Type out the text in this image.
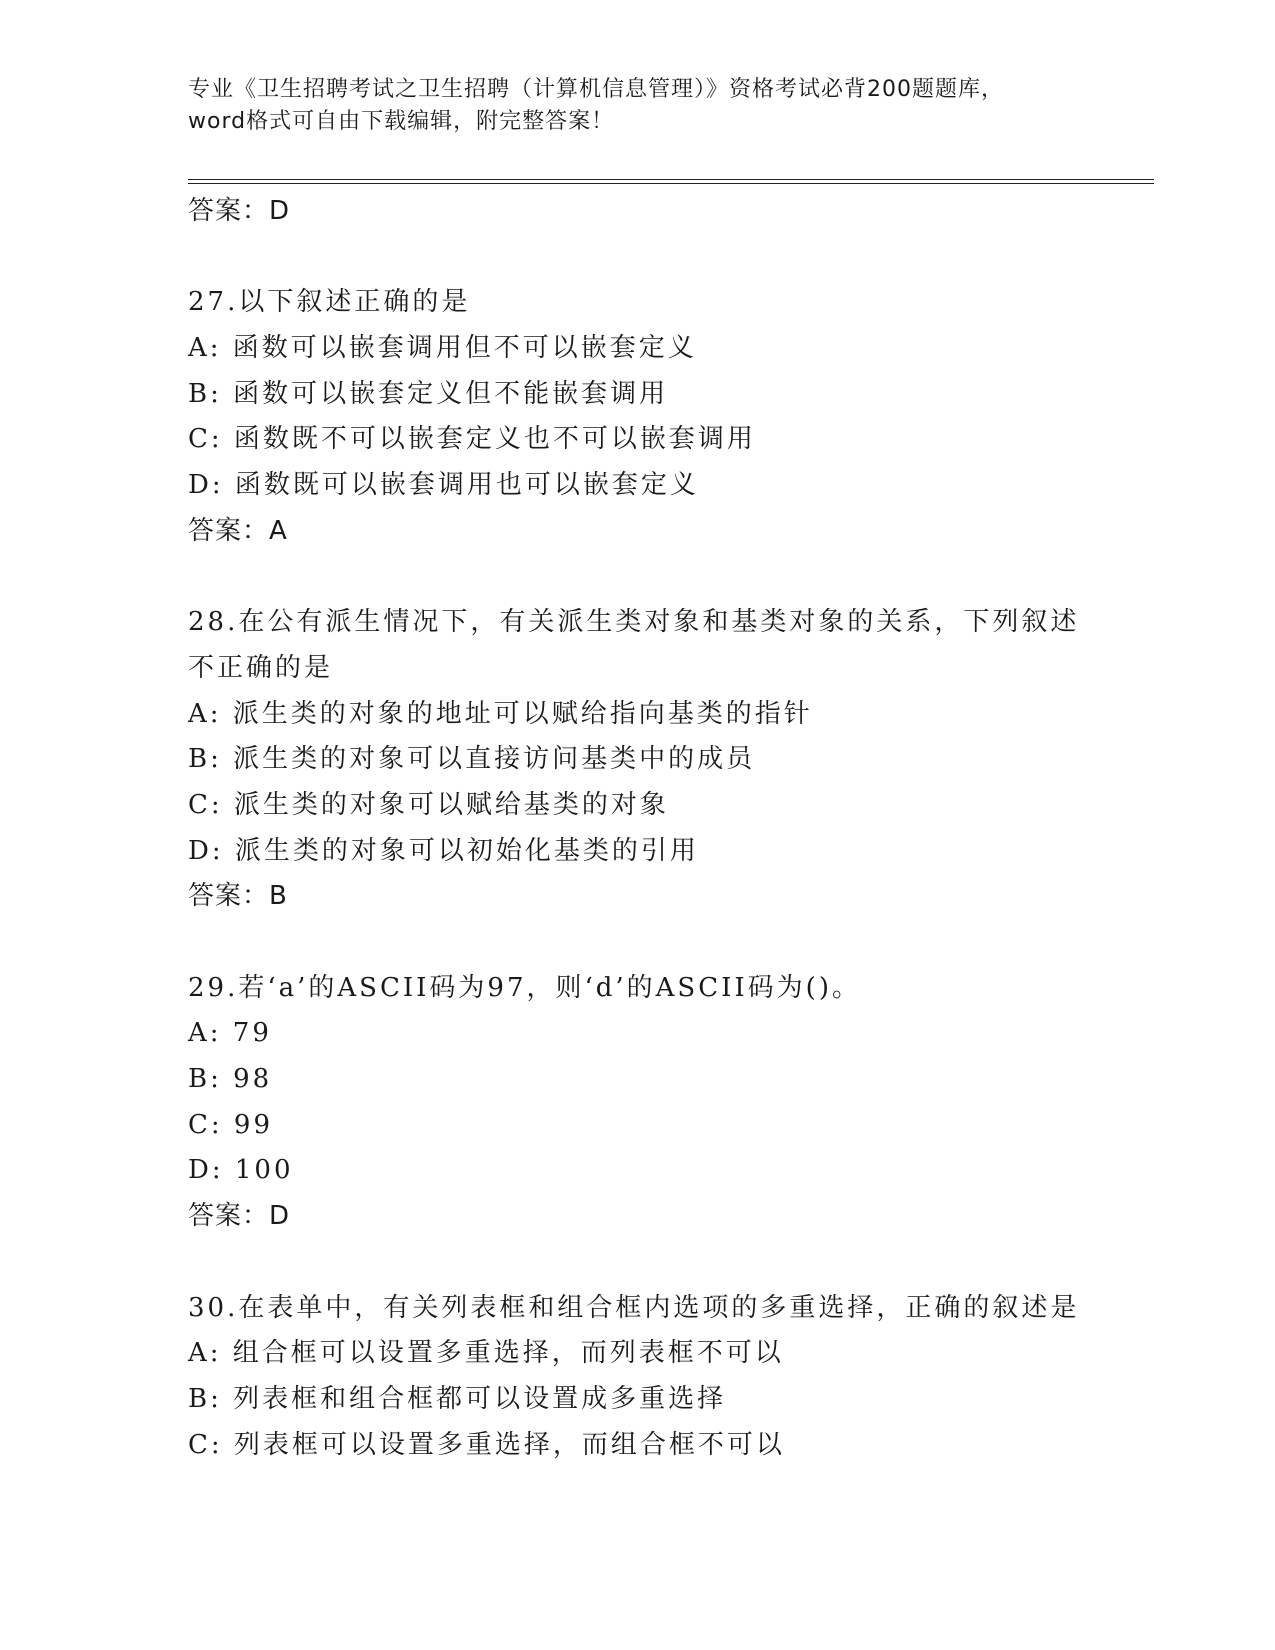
专业《卫生招聘考试之卫生招聘（计算机信息管理）》资格考试必背200题题库，
word格式可自由下载编辑，附完整答案！
答案：D
27.以下叙述正确的是
A: 函数可以嵌套调用但不可以嵌套定义
B: 函数可以嵌套定义但不能嵌套调用
C: 函数既不可以嵌套定义也不可以嵌套调用
D: 函数既可以嵌套调用也可以嵌套定义
答案：A
28.在公有派生情况下，有关派生类对象和基类对象的关系，下列叙述
不正确的是
A: 派生类的对象的地址可以赋给指向基类的指针
B: 派生类的对象可以直接访问基类中的成员
C: 派生类的对象可以赋给基类的对象
D: 派生类的对象可以初始化基类的引用
答案：B
29.若‘a’的ASCII码为97，则‘d’的ASCII码为()。
A: 79
B: 98
C: 99
D: 100
答案：D
30.在表单中，有关列表框和组合框内选项的多重选择，正确的叙述是
A: 组合框可以设置多重选择，而列表框不可以
B: 列表框和组合框都可以设置成多重选择
C: 列表框可以设置多重选择，而组合框不可以
